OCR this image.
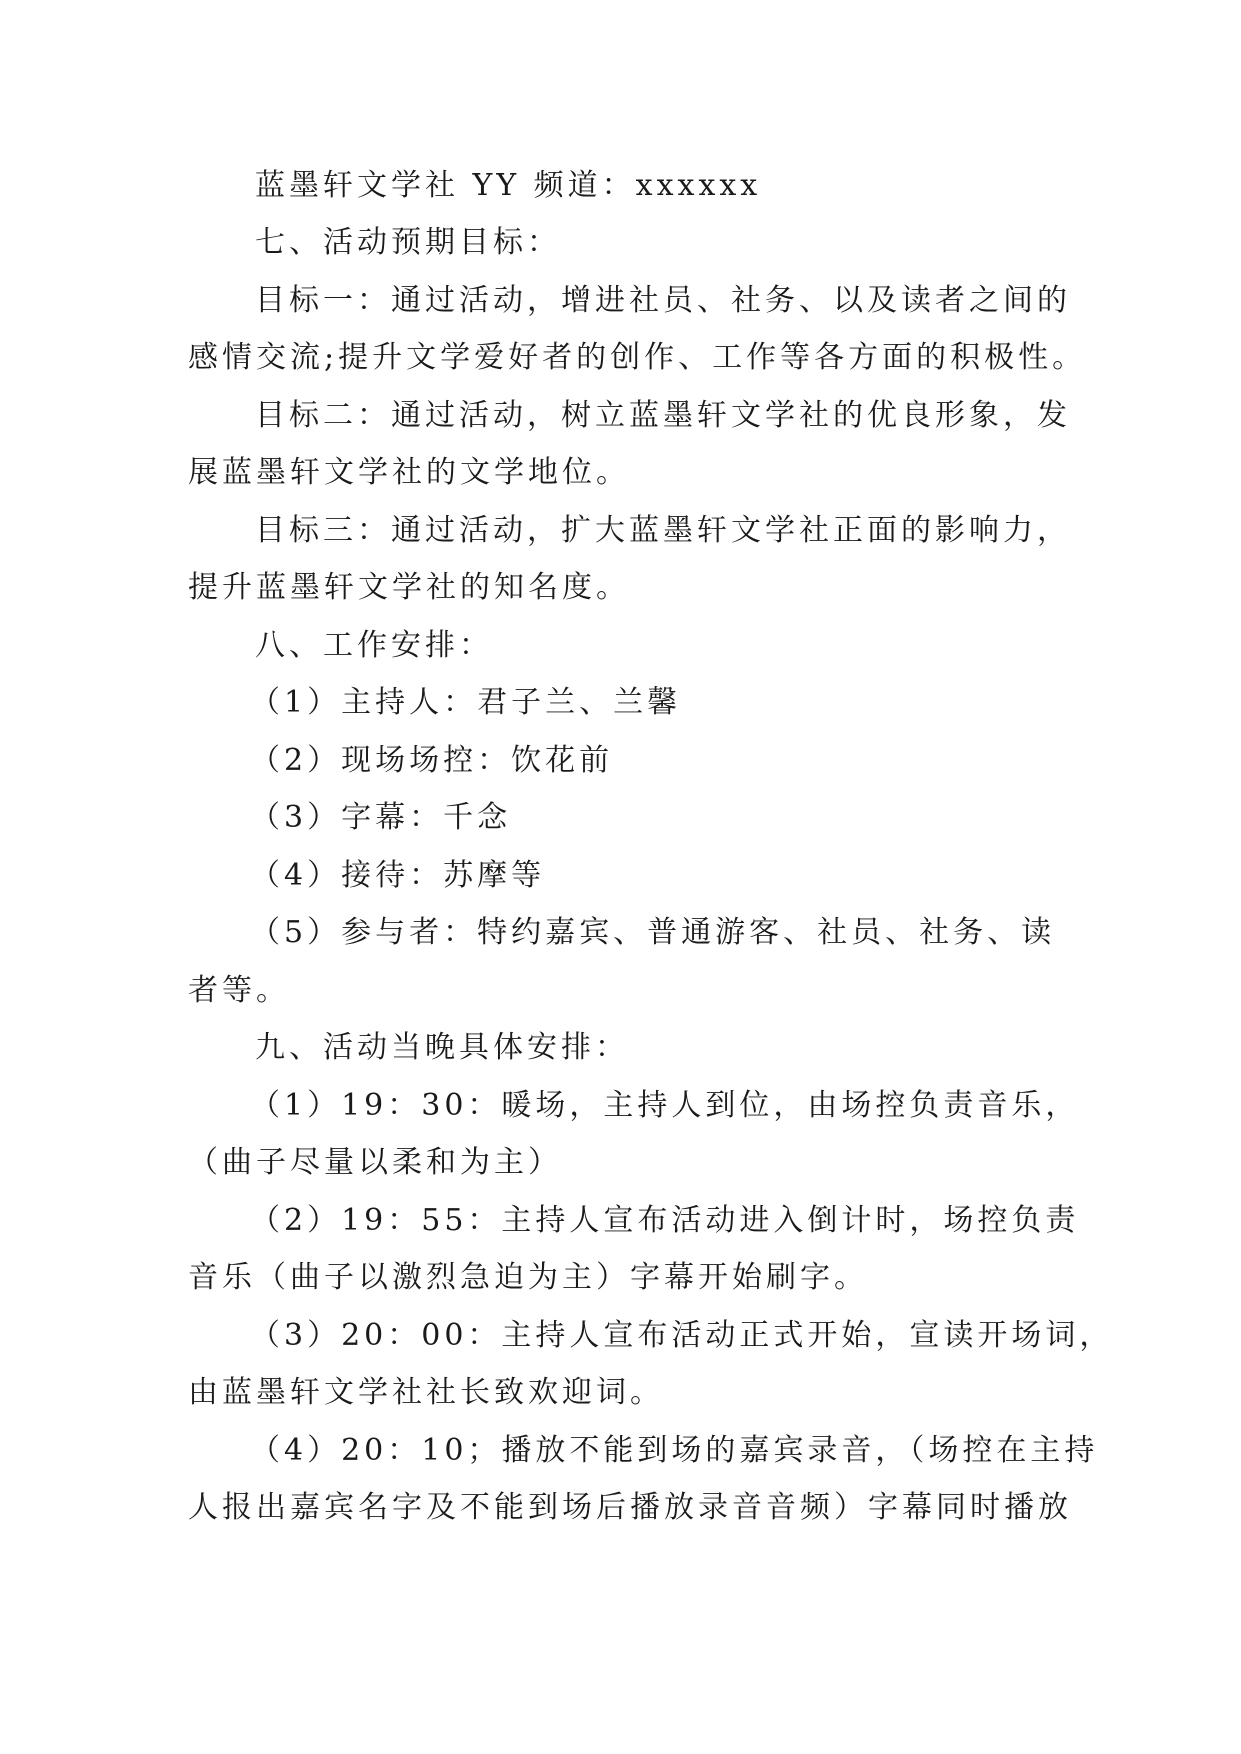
蓝墨轩文学社 YY 频道：xxxxxx
七、活动预期目标：
目标一：通过活动，增进社员、社务、以及读者之间的
感情交流;提升文学爱好者的创作、工作等各方面的积极性。
目标二：通过活动，树立蓝墨轩文学社的优良形象，发
展蓝墨轩文学社的文学地位。
目标三：通过活动，扩大蓝墨轩文学社正面的影响力，
提升蓝墨轩文学社的知名度。
八、工作安排：
（1）主持人：君子兰、兰馨
（2）现场场控：饮花前
（3）字幕：千念
（4）接待：苏摩等
（5）参与者：特约嘉宾、普通游客、社员、社务、读
者等。
九、活动当晚具体安排：
（1）19：30：暖场，主持人到位，由场控负责音乐，
（曲子尽量以柔和为主）
（2）19：55：主持人宣布活动进入倒计时，场控负责
音乐（曲子以激烈急迫为主）字幕开始刷字。
（3）20：00：主持人宣布活动正式开始，宣读开场词，
由蓝墨轩文学社社长致欢迎词。
（4）20：10；播放不能到场的嘉宾录音，（场控在主持
人报出嘉宾名字及不能到场后播放录音音频）字幕同时播放
